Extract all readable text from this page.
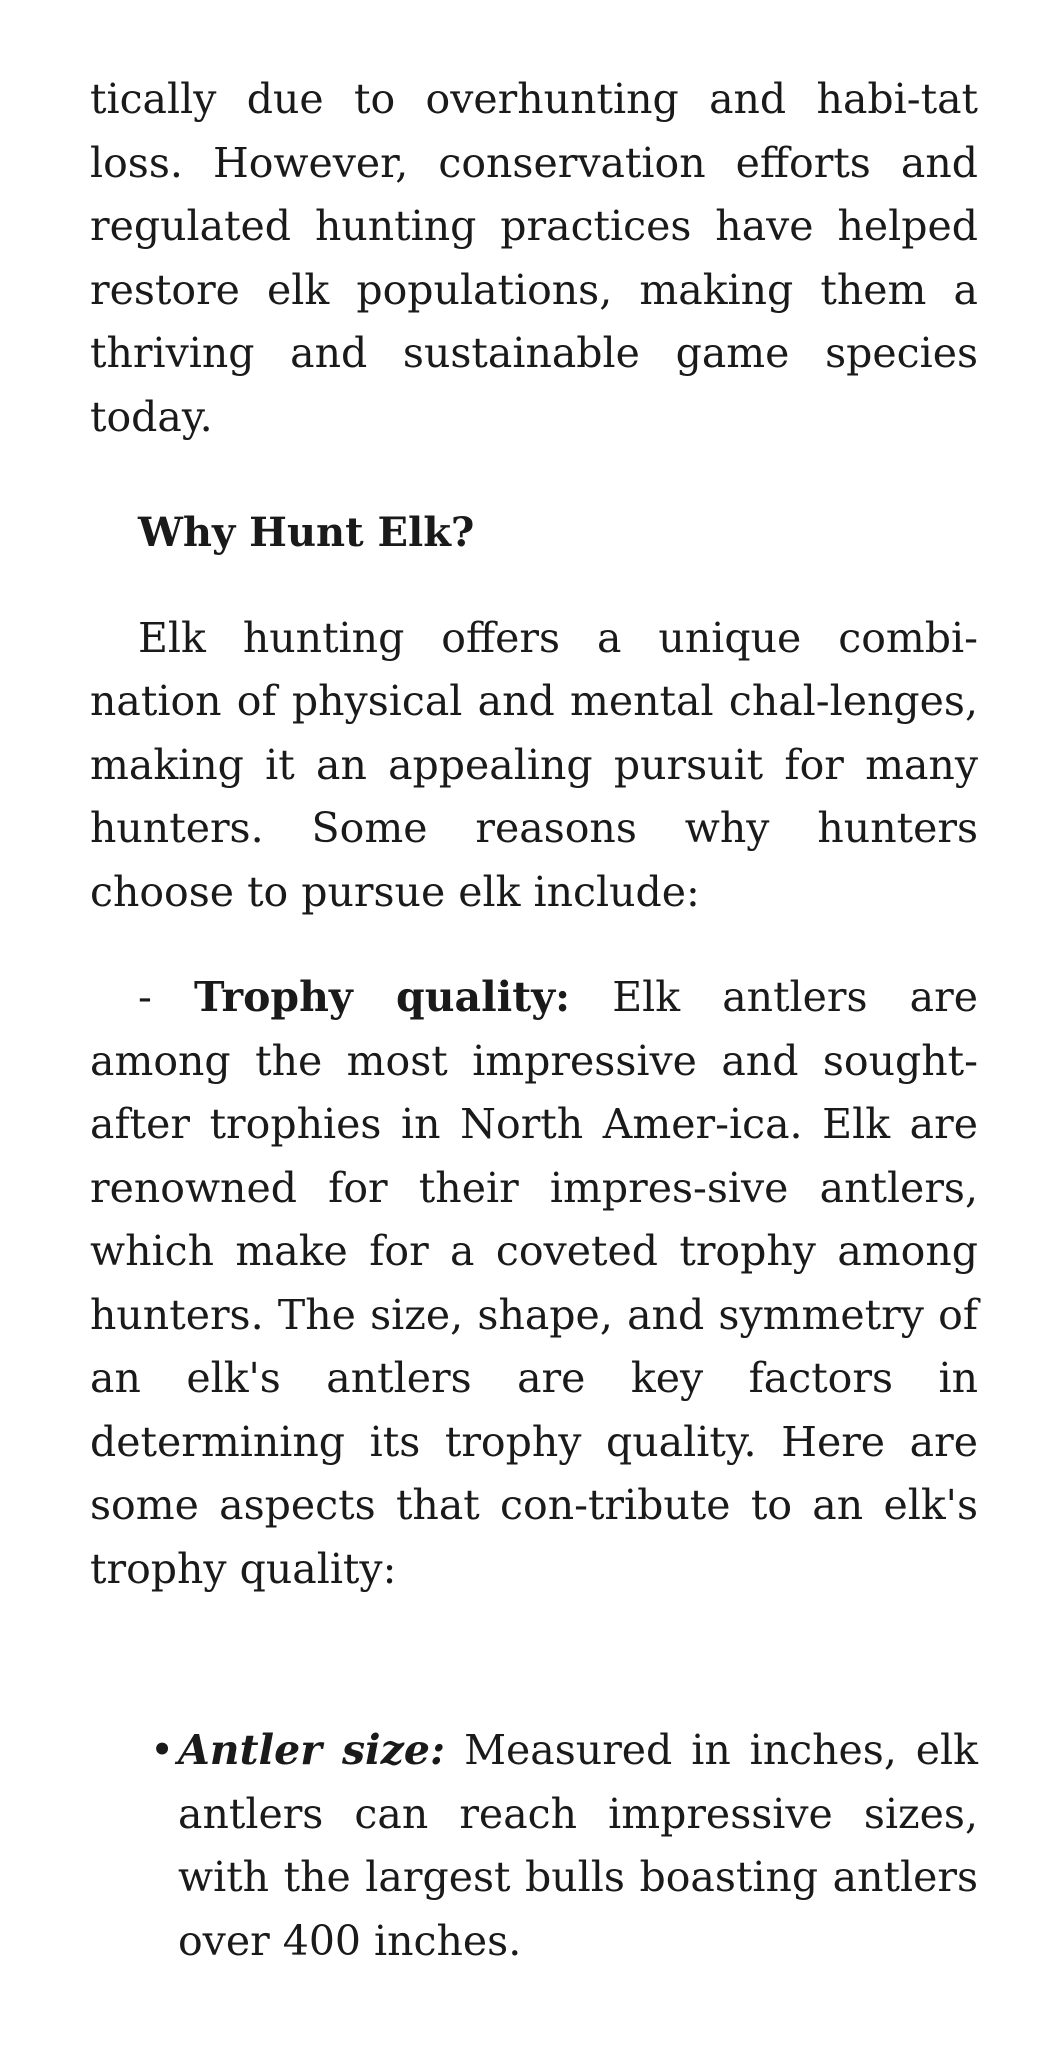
tically due to overhunting and habi-tat loss. However, conservation efforts and regulated hunting practices have helped restore elk populations, making them a thriving and sustainable game species today.

Why Hunt Elk?

Elk hunting offers a unique combi-nation of physical and mental chal-lenges, making it an appealing pursuit for many hunters. Some reasons why hunters choose to pursue elk include:

- Trophy quality: Elk antlers are among the most impressive and sought-after trophies in North Amer-ica. Elk are renowned for their impres-sive antlers, which make for a coveted trophy among hunters. The size, shape, and symmetry of an elk's antlers are key factors in determining its trophy quality. Here are some aspects that con-tribute to an elk's trophy quality:

• Antler size: Measured in inches, elk antlers can reach impressive sizes, with the largest bulls boasting antlers over 400 inches.
